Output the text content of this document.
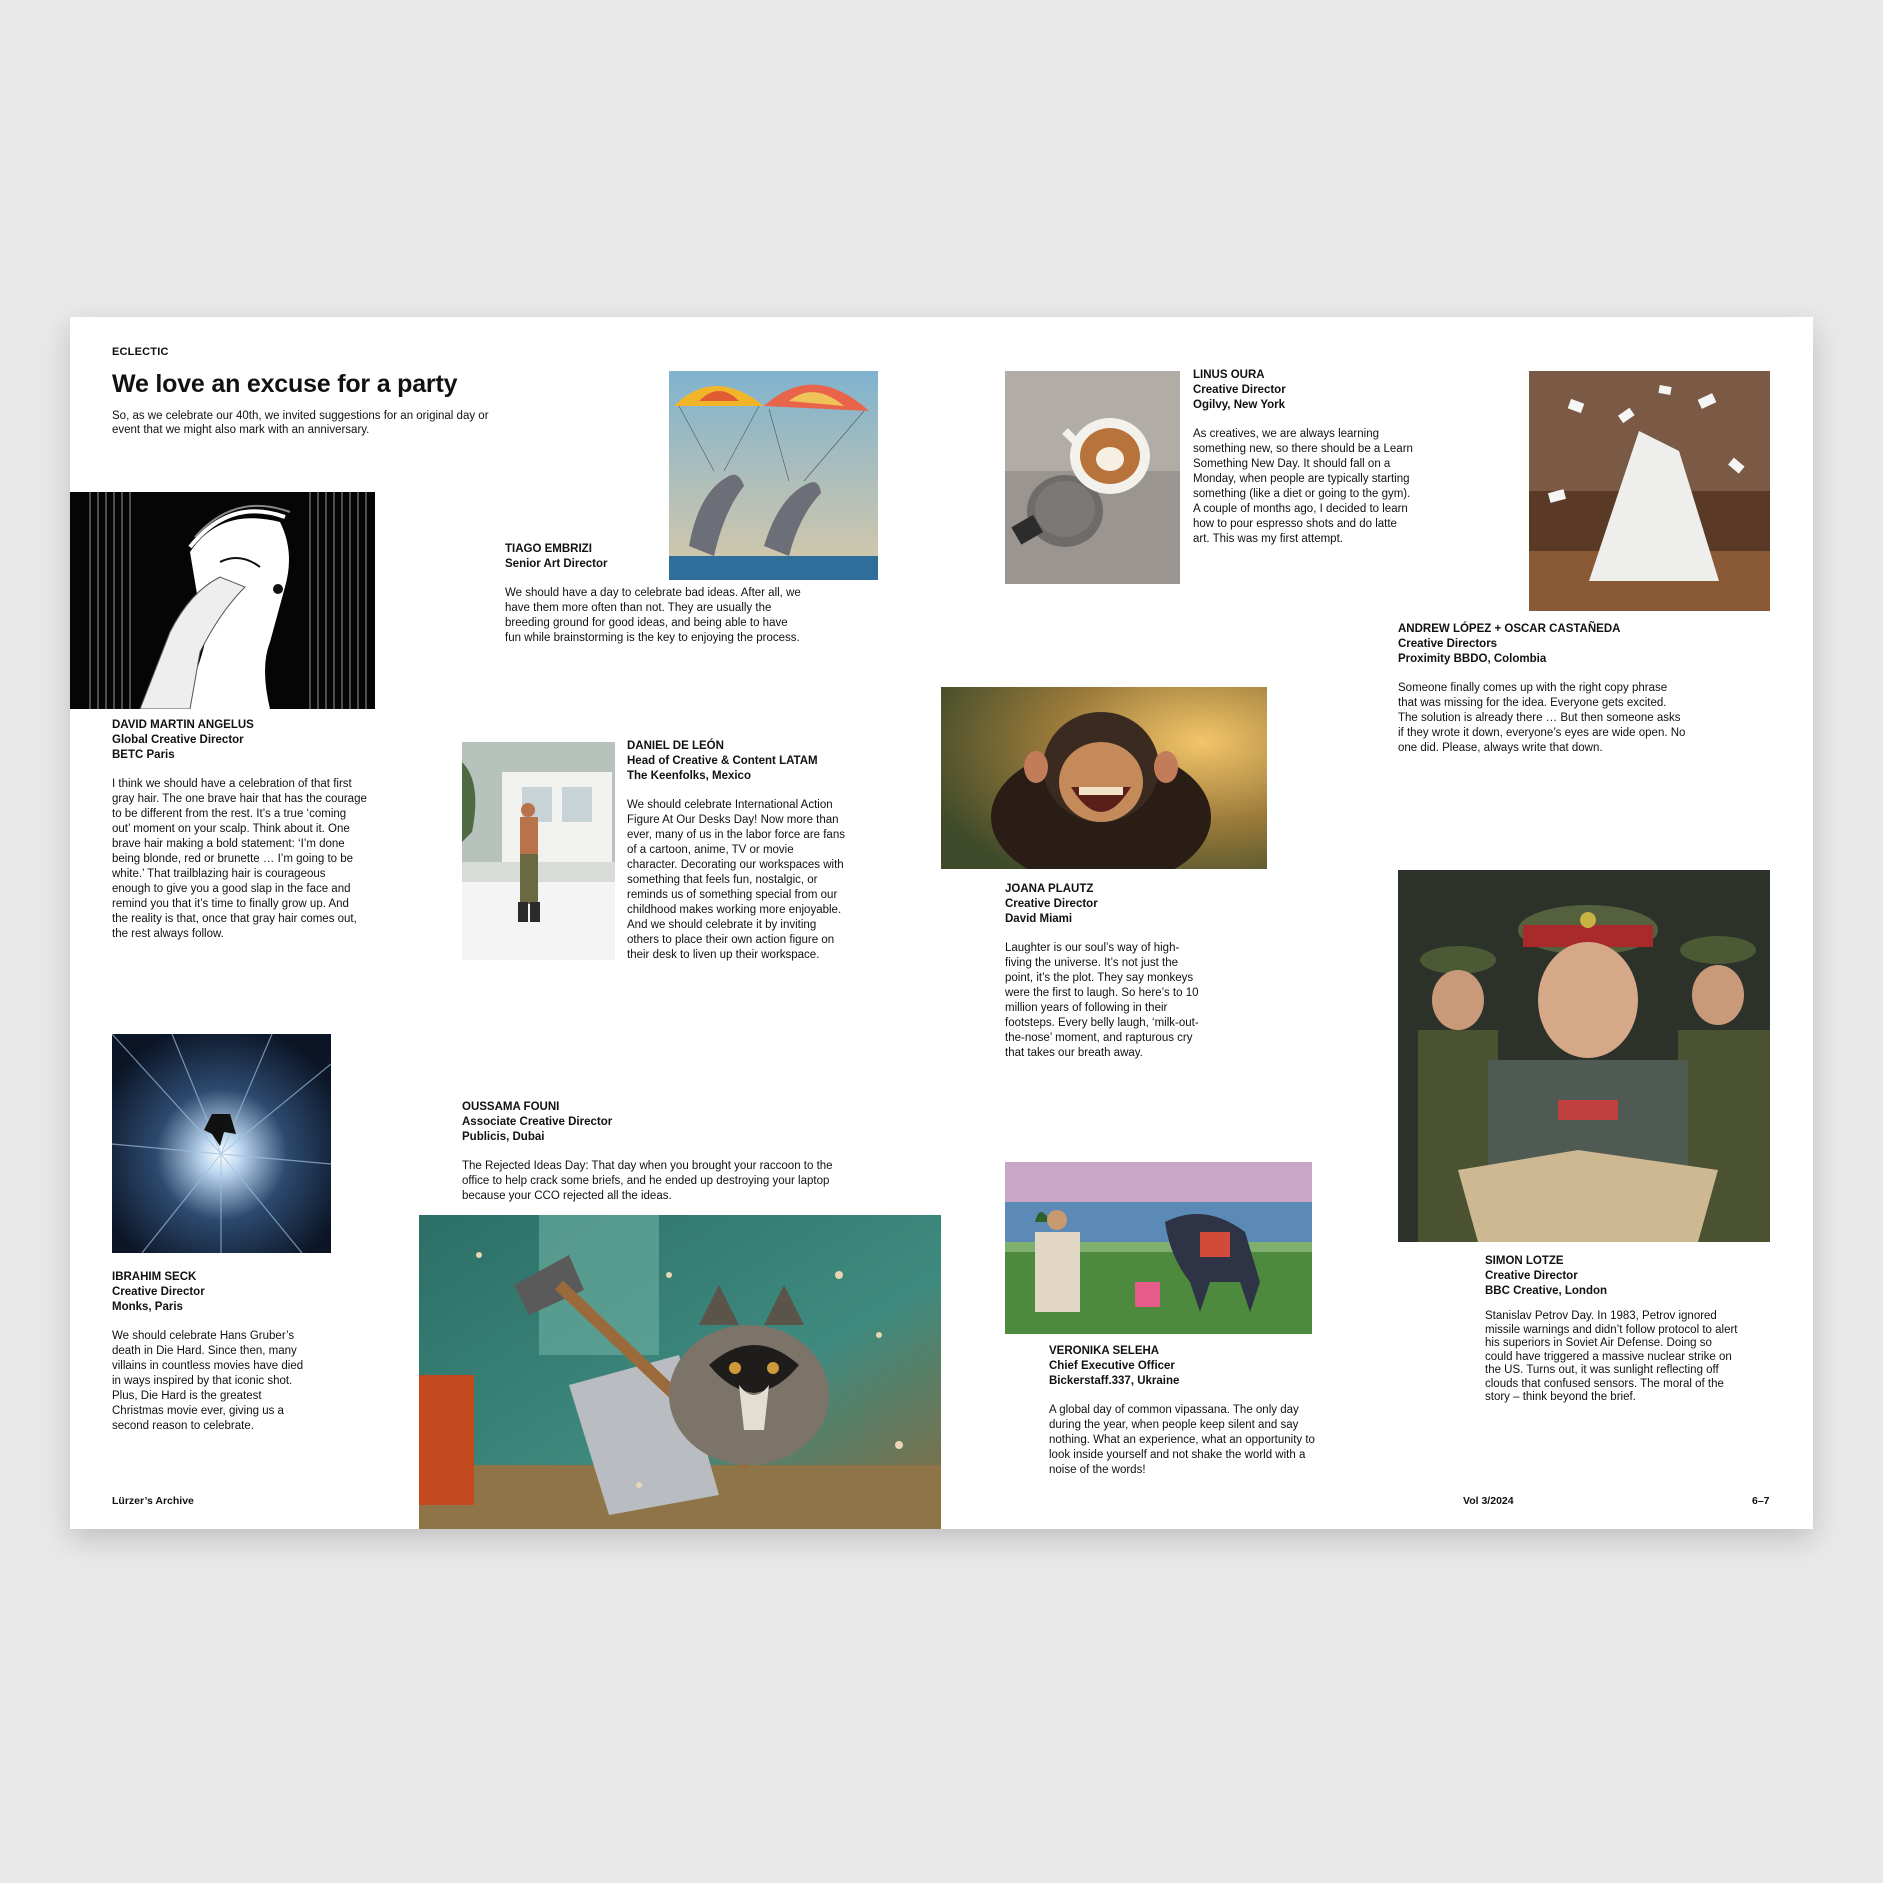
ECLECTIC
We love an excuse for a party
So, as we celebrate our 40th, we invited suggestions for an original day or event that we might also mark with an anniversary.
DAVID MARTIN ANGELUS
Global Creative Director
BETC Paris
I think we should have a celebration of that first gray hair. The one brave hair that has the courage to be different from the rest. It’s a true ‘coming out’ moment on your scalp. Think about it. One brave hair making a bold statement: ‘I’m done being blonde, red or brunette … I’m going to be white.’ That trailblazing hair is courageous enough to give you a good slap in the face and remind you that it’s time to finally grow up. And the reality is that, once that gray hair comes out, the rest always follow.
TIAGO EMBRIZI
Senior Art Director
We should have a day to celebrate bad ideas. After all, we have them more often than not. They are usually the breeding ground for good ideas, and being able to have fun while brainstorming is the key to enjoying the process.
DANIEL DE LEÓN
Head of Creative & Content LATAM
The Keenfolks, Mexico
We should celebrate International Action Figure At Our Desks Day! Now more than ever, many of us in the labor force are fans of a cartoon, anime, TV or movie character. Decorating our workspaces with something that feels fun, nostalgic, or reminds us of something special from our childhood makes working more enjoyable. And we should celebrate it by inviting others to place their own action figure on their desk to liven up their workspace.
IBRAHIM SECK
Creative Director
Monks, Paris
We should celebrate Hans Gruber’s death in Die Hard. Since then, many villains in countless movies have died in ways inspired by that iconic shot. Plus, Die Hard is the greatest Christmas movie ever, giving us a second reason to celebrate.
OUSSAMA FOUNI
Associate Creative Director
Publicis, Dubai
The Rejected Ideas Day: That day when you brought your raccoon to the office to help crack some briefs, and he ended up destroying your laptop because your CCO rejected all the ideas.
LINUS OURA
Creative Director
Ogilvy, New York
As creatives, we are always learning something new, so there should be a Learn Something New Day. It should fall on a Monday, when people are typically starting something (like a diet or going to the gym). A couple of months ago, I decided to learn how to pour espresso shots and do latte art. This was my first attempt.
ANDREW LÓPEZ + OSCAR CASTAÑEDA
Creative Directors
Proximity BBDO, Colombia
Someone finally comes up with the right copy phrase that was missing for the idea. Everyone gets excited. The solution is already there … But then someone asks if they wrote it down, everyone’s eyes are wide open. No one did. Please, always write that down.
JOANA PLAUTZ
Creative Director
David Miami
Laughter is our soul’s way of high-fiving the universe. It’s not just the point, it’s the plot. They say monkeys were the first to laugh. So here’s to 10 million years of following in their footsteps. Every belly laugh, ‘milk-out-the-nose’ moment, and rapturous cry that takes our breath away.
VERONIKA SELEHA
Chief Executive Officer
Bickerstaff.337, Ukraine
A global day of common vipassana. The only day during the year, when people keep silent and say nothing. What an experience, what an opportunity to look inside yourself and not shake the world with a noise of the words!
SIMON LOTZE
Creative Director
BBC Creative, London
Stanislav Petrov Day. In 1983, Petrov ignored missile warnings and didn’t follow protocol to alert his superiors in Soviet Air Defense. Doing so could have triggered a massive nuclear strike on the US. Turns out, it was sunlight reflecting off clouds that confused sensors. The moral of the story – think beyond the brief.
Lürzer’s Archive	Vol 3/2024	6–7
